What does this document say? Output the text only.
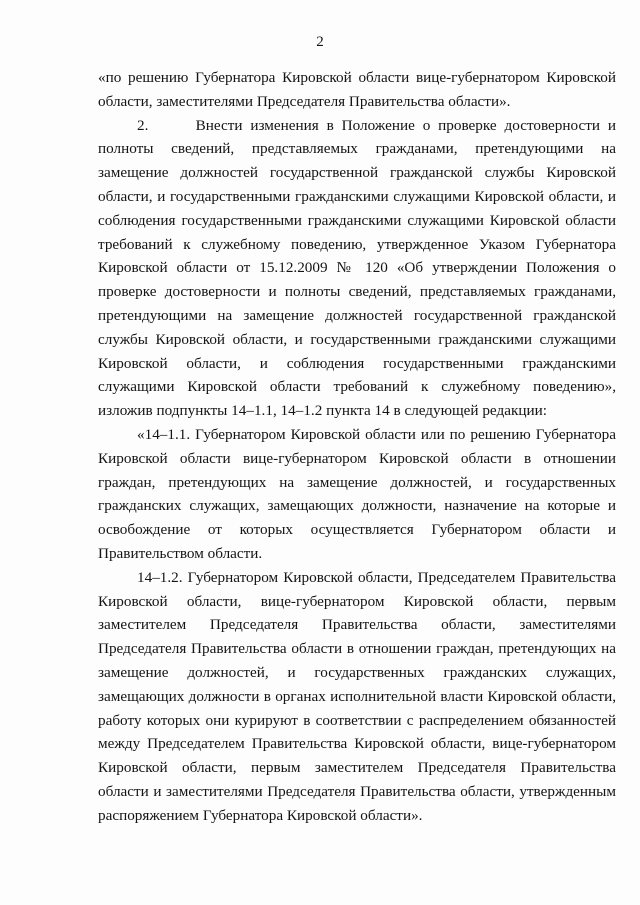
2

«по решению Губернатора Кировской области вице-губернатором Кировской области, заместителями Председателя Правительства области».

2.      Внести изменения в Положение о проверке достоверности и полноты сведений, представляемых гражданами, претендующими на замещение должностей государственной гражданской службы Кировской области, и государственными гражданскими служащими Кировской области, и соблюдения государственными гражданскими служащими Кировской области требований к служебному поведению, утвержденное Указом Губернатора Кировской области от 15.12.2009 № 120 «Об утверждении Положения о проверке достоверности и полноты сведений, представляемых гражданами, претендующими на замещение должностей государственной гражданской службы Кировской области, и государственными гражданскими служащими Кировской области, и соблюдения государственными гражданскими служащими Кировской области требований к служебному поведению», изложив подпункты 14–1.1, 14–1.2 пункта 14 в следующей редакции:

«14–1.1. Губернатором Кировской области или по решению Губернатора Кировской области вице-губернатором Кировской области в отношении граждан, претендующих на замещение должностей, и государственных гражданских служащих, замещающих должности, назначение на которые и освобождение от которых осуществляется Губернатором области и Правительством области.

14–1.2. Губернатором Кировской области, Председателем Правительства Кировской области, вице-губернатором Кировской области, первым заместителем Председателя Правительства области, заместителями Председателя Правительства области в отношении граждан, претендующих на замещение должностей, и государственных гражданских служащих, замещающих должности в органах исполнительной власти Кировской области, работу которых они курируют в соответствии с распределением обязанностей между Председателем Правительства Кировской области, вице-губернатором Кировской области, первым заместителем Председателя Правительства области и заместителями Председателя Правительства области, утвержденным распоряжением Губернатора Кировской области».
